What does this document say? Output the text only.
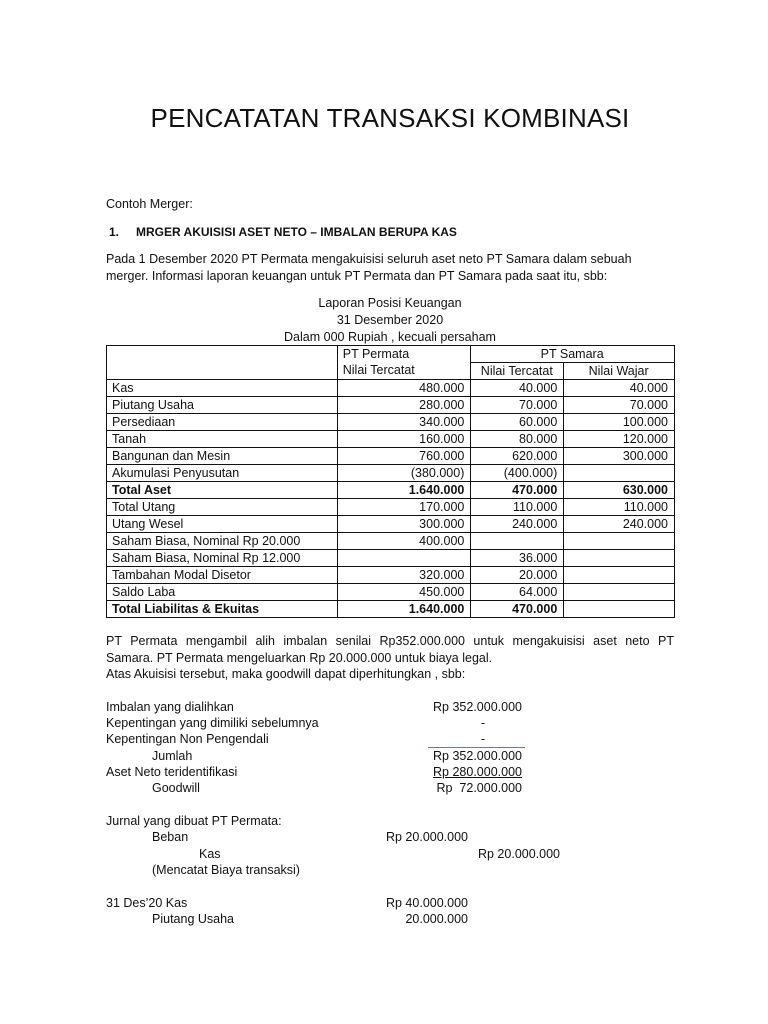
PENCATATAN TRANSAKSI KOMBINASI
Contoh Merger:
1. MRGER AKUISISI ASET NETO – IMBALAN BERUPA KAS
Pada 1 Desember 2020 PT Permata mengakuisisi seluruh aset neto PT Samara dalam sebuah
merger. Informasi laporan keuangan untuk PT Permata dan PT Samara pada saat itu, sbb:
Laporan Posisi Keuangan
31 Desember 2020
Dalam 000 Rupiah , kecuali persaham
	PT Permata	PT Samara	
	Nilai Tercatat	Nilai Tercatat	Nilai Wajar
Kas	480.000	40.000	40.000
Piutang Usaha	280.000	70.000	70.000
Persediaan	340.000	60.000	100.000
Tanah	160.000	80.000	120.000
Bangunan dan Mesin	760.000	620.000	300.000
Akumulasi Penyusutan	(380.000)	(400.000)	
Total Aset	1.640.000	470.000	630.000
Total Utang	170.000	110.000	110.000
Utang Wesel	300.000	240.000	240.000
Saham Biasa, Nominal Rp 20.000	400.000		
Saham Biasa, Nominal Rp 12.000		36.000	
Tambahan Modal Disetor	320.000	20.000	
Saldo Laba	450.000	64.000	
Total Liabilitas & Ekuitas	1.640.000	470.000	
PT Permata mengambil alih imbalan senilai Rp352.000.000 untuk mengakuisisi aset neto PT
Samara. PT Permata mengeluarkan Rp 20.000.000 untuk biaya legal.
Atas Akuisisi tersebut, maka goodwill dapat diperhitungkan , sbb:
Imbalan yang dialihkan	Rp 352.000.000
Kepentingan yang dimiliki sebelumnya	-
Kepentingan Non Pengendali	-
Jumlah	Rp 352.000.000
Aset Neto teridentifikasi	Rp 280.000.000
Goodwill	Rp  72.000.000
Jurnal yang dibuat PT Permata:
Beban	Rp 20.000.000
Kas	Rp 20.000.000
(Mencatat Biaya transaksi)
31 Des’20 Kas	Rp 40.000.000
Piutang Usaha	20.000.000
